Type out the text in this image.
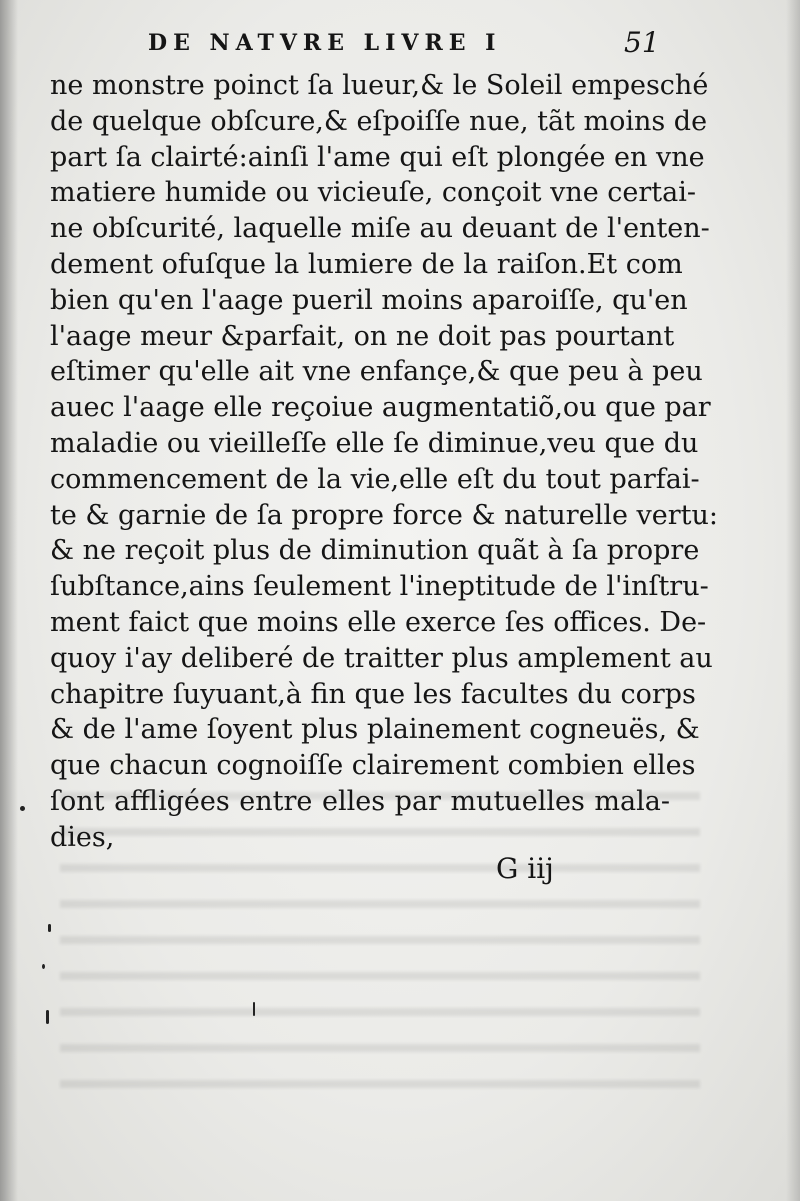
DE NATVRE LIVRE I	51
ne monstre poinct ſa lueur,& le Soleil empesché
de quelque obſcure,& eſpoiſſe nue, tãt moins de
part ſa clairté:ainſi l'ame qui eſt plongée en vne
matiere humide ou vicieuſe, conçoit vne certai-
ne obſcurité, laquelle miſe au deuant de l'enten-
dement ofuſque la lumiere de la raiſon.Et com
bien qu'en l'aage pueril moins aparoiſſe, qu'en
l'aage meur &parfait, on ne doit pas pourtant
eſtimer qu'elle ait vne enfançe,& que peu à peu
auec l'aage elle reçoiue augmentatiõ,ou que par
maladie ou vieilleſſe elle ſe diminue,veu que du
commencement de la vie,elle eſt du tout parfai-
te & garnie de ſa propre force & naturelle vertu:
& ne reçoit plus de diminution quãt à ſa propre
ſubſtance,ains ſeulement l'ineptitude de l'inſtru-
ment faict que moins elle exerce ſes offices. De-
quoy i'ay deliberé de traitter plus amplement au
chapitre ſuyuant,à fin que les facultes du corps
& de l'ame ſoyent plus plainement cogneuës, &
que chacun cognoiſſe clairement combien elles
ſont affligées entre elles par mutuelles mala-
dies,
G iij
